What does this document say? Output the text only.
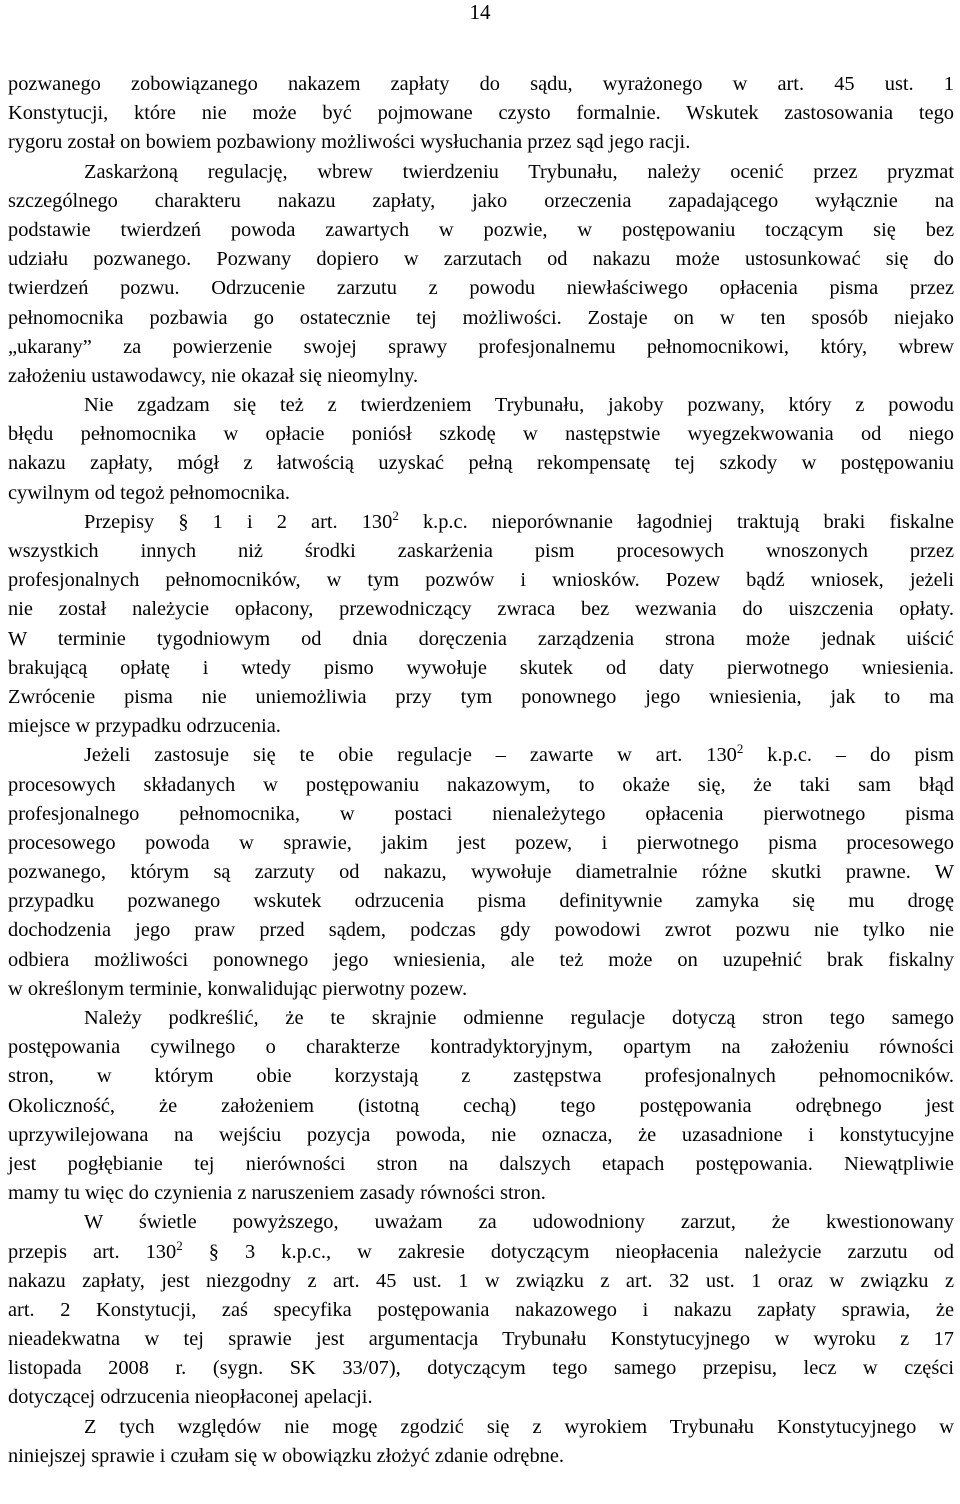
14
pozwanego zobowiązanego nakazem zapłaty do sądu, wyrażonego w art. 45 ust. 1
Konstytucji, które nie może być pojmowane czysto formalnie. Wskutek zastosowania tego
rygoru został on bowiem pozbawiony możliwości wysłuchania przez sąd jego racji.
Zaskarżoną regulację, wbrew twierdzeniu Trybunału, należy ocenić przez pryzmat
szczególnego charakteru nakazu zapłaty, jako orzeczenia zapadającego wyłącznie na
podstawie twierdzeń powoda zawartych w pozwie, w postępowaniu toczącym się bez
udziału pozwanego. Pozwany dopiero w zarzutach od nakazu może ustosunkować się do
twierdzeń pozwu. Odrzucenie zarzutu z powodu niewłaściwego opłacenia pisma przez
pełnomocnika pozbawia go ostatecznie tej możliwości. Zostaje on w ten sposób niejako
„ukarany” za powierzenie swojej sprawy profesjonalnemu pełnomocnikowi, który, wbrew
założeniu ustawodawcy, nie okazał się nieomylny.
Nie zgadzam się też z twierdzeniem Trybunału, jakoby pozwany, który z powodu
błędu pełnomocnika w opłacie poniósł szkodę w następstwie wyegzekwowania od niego
nakazu zapłaty, mógł z łatwością uzyskać pełną rekompensatę tej szkody w postępowaniu
cywilnym od tegoż pełnomocnika.
Przepisy § 1 i 2 art. $130^2$ k.p.c. nieporównanie łagodniej traktują braki fiskalne
wszystkich innych niż środki zaskarżenia pism procesowych wnoszonych przez
profesjonalnych pełnomocników, w tym pozwów i wniosków. Pozew bądź wniosek, jeżeli
nie został należycie opłacony, przewodniczący zwraca bez wezwania do uiszczenia opłaty.
W terminie tygodniowym od dnia doręczenia zarządzenia strona może jednak uiścić
brakującą opłatę i wtedy pismo wywołuje skutek od daty pierwotnego wniesienia.
Zwrócenie pisma nie uniemożliwia przy tym ponownego jego wniesienia, jak to ma
miejsce w przypadku odrzucenia.
Jeżeli zastosuje się te obie regulacje – zawarte w art. $130^2$ k.p.c. – do pism
procesowych składanych w postępowaniu nakazowym, to okaże się, że taki sam błąd
profesjonalnego pełnomocnika, w postaci nienależytego opłacenia pierwotnego pisma
procesowego powoda w sprawie, jakim jest pozew, i pierwotnego pisma procesowego
pozwanego, którym są zarzuty od nakazu, wywołuje diametralnie różne skutki prawne. W
przypadku pozwanego wskutek odrzucenia pisma definitywnie zamyka się mu drogę
dochodzenia jego praw przed sądem, podczas gdy powodowi zwrot pozwu nie tylko nie
odbiera możliwości ponownego jego wniesienia, ale też może on uzupełnić brak fiskalny
w określonym terminie, konwalidując pierwotny pozew.
Należy podkreślić, że te skrajnie odmienne regulacje dotyczą stron tego samego
postępowania cywilnego o charakterze kontradyktoryjnym, opartym na założeniu równości
stron, w którym obie korzystają z zastępstwa profesjonalnych pełnomocników.
Okoliczność, że założeniem (istotną cechą) tego postępowania odrębnego jest
uprzywilejowana na wejściu pozycja powoda, nie oznacza, że uzasadnione i konstytucyjne
jest pogłębianie tej nierówności stron na dalszych etapach postępowania. Niewątpliwie
mamy tu więc do czynienia z naruszeniem zasady równości stron.
W świetle powyższego, uważam za udowodniony zarzut, że kwestionowany
przepis art. $130^2$ § 3 k.p.c., w zakresie dotyczącym nieopłacenia należycie zarzutu od
nakazu zapłaty, jest niezgodny z art. 45 ust. 1 w związku z art. 32 ust. 1 oraz w związku z
art. 2 Konstytucji, zaś specyfika postępowania nakazowego i nakazu zapłaty sprawia, że
nieadekwatna w tej sprawie jest argumentacja Trybunału Konstytucyjnego w wyroku z 17
listopada 2008 r. (sygn. SK 33/07), dotyczącym tego samego przepisu, lecz w części
dotyczącej odrzucenia nieopłaconej apelacji.
Z tych względów nie mogę zgodzić się z wyrokiem Trybunału Konstytucyjnego w
niniejszej sprawie i czułam się w obowiązku złożyć zdanie odrębne.
